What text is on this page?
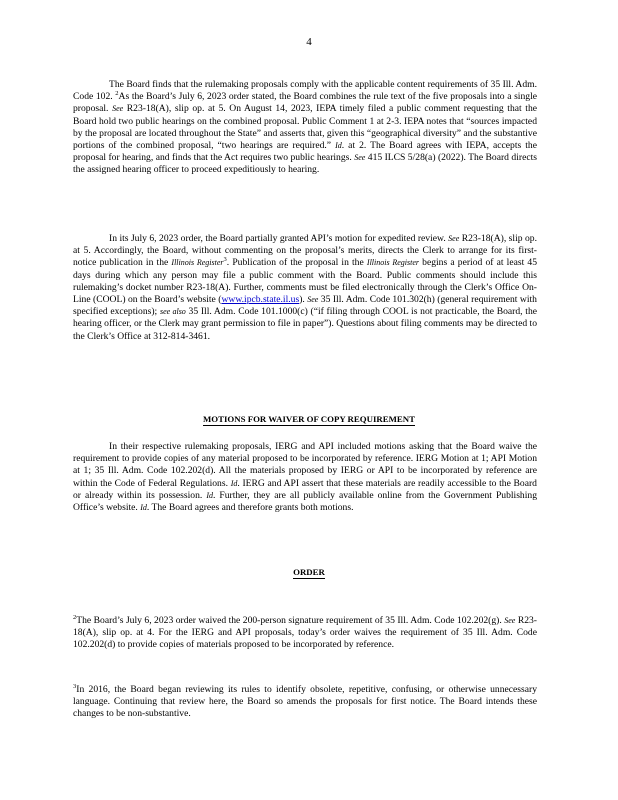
4

The Board finds that the rulemaking proposals comply with the applicable content requirements of 35 Ill. Adm. Code 102. $^2$As the Board’s July 6, 2023 order stated, the Board combines the rule text of the five proposals into a single proposal. See R23-18(A), slip op. at 5. On August 14, 2023, IEPA timely filed a public comment requesting that the Board hold two public hearings on the combined proposal. Public Comment 1 at 2-3. IEPA notes that “sources impacted by the proposal are located throughout the State” and asserts that, given this “geographical diversity” and the substantive portions of the combined proposal, “two hearings are required.” Id. at 2. The Board agrees with IEPA, accepts the proposal for hearing, and finds that the Act requires two public hearings. See 415 ILCS 5/28(a) (2022). The Board directs the assigned hearing officer to proceed expeditiously to hearing.

In its July 6, 2023 order, the Board partially granted API’s motion for expedited review. See R23-18(A), slip op. at 5. Accordingly, the Board, without commenting on the proposal’s merits, directs the Clerk to arrange for its first-notice publication in the Illinois Register$^3$. Publication of the proposal in the Illinois Register begins a period of at least 45 days during which any person may file a public comment with the Board. Public comments should include this rulemaking’s docket number R23-18(A). Further, comments must be filed electronically through the Clerk’s Office On-Line (COOL) on the Board’s website (www.ipcb.state.il.us). See 35 Ill. Adm. Code 101.302(h) (general requirement with specified exceptions); see also 35 Ill. Adm. Code 101.1000(c) (“if filing through COOL is not practicable, the Board, the hearing officer, or the Clerk may grant permission to file in paper”). Questions about filing comments may be directed to the Clerk’s Office at 312-814-3461.

MOTIONS FOR WAIVER OF COPY REQUIREMENT

In their respective rulemaking proposals, IERG and API included motions asking that the Board waive the requirement to provide copies of any material proposed to be incorporated by reference. IERG Motion at 1; API Motion at 1; 35 Ill. Adm. Code 102.202(d). All the materials proposed by IERG or API to be incorporated by reference are within the Code of Federal Regulations. Id. IERG and API assert that these materials are readily accessible to the Board or already within its possession. Id. Further, they are all publicly available online from the Government Publishing Office’s website. Id. The Board agrees and therefore grants both motions.

ORDER

$^2$The Board’s July 6, 2023 order waived the 200-person signature requirement of 35 Ill. Adm. Code 102.202(g). See R23-18(A), slip op. at 4. For the IERG and API proposals, today’s order waives the requirement of 35 Ill. Adm. Code 102.202(d) to provide copies of materials proposed to be incorporated by reference.

$^3$In 2016, the Board began reviewing its rules to identify obsolete, repetitive, confusing, or otherwise unnecessary language. Continuing that review here, the Board so amends the proposals for first notice. The Board intends these changes to be non-substantive.
